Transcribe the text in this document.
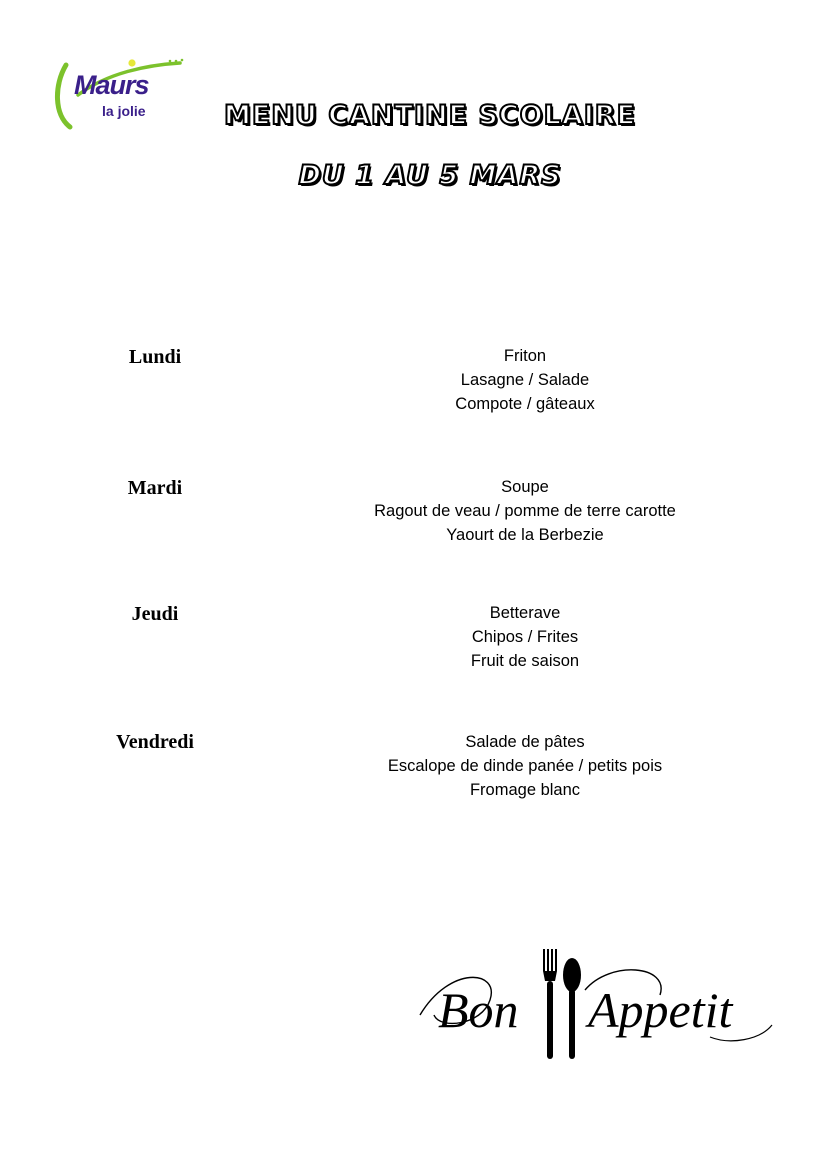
Maurs
la jolie	MENU CANTINE SCOLAIRE
DU 1 AU 5 MARS
Lundi	Friton
Lasagne / Salade
Compote / gâteaux
Mardi	Soupe
Ragout de veau / pomme de terre carotte
Yaourt de la Berbezie
Jeudi	Betterave
Chipos / Frites
Fruit de saison
Vendredi	Salade de pâtes
Escalope de dinde panée / petits pois
Fromage blanc
Bon Appetit
